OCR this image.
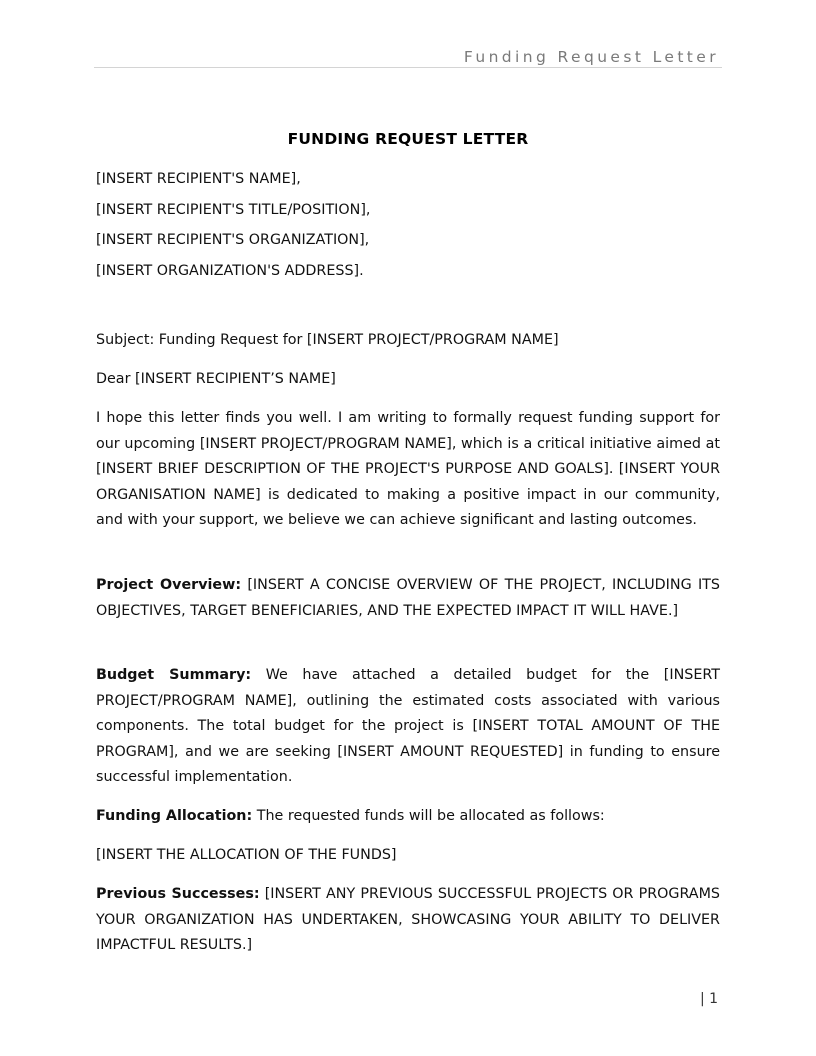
Funding Request Letter
FUNDING REQUEST LETTER

[INSERT RECIPIENT'S NAME],

[INSERT RECIPIENT'S TITLE/POSITION],

[INSERT RECIPIENT'S ORGANIZATION],

[INSERT ORGANIZATION'S ADDRESS].

Subject: Funding Request for [INSERT PROJECT/PROGRAM NAME]

Dear [INSERT RECIPIENT’S NAME]

I hope this letter finds you well. I am writing to formally request funding support for our upcoming [INSERT PROJECT/PROGRAM NAME], which is a critical initiative aimed at [INSERT BRIEF DESCRIPTION OF THE PROJECT'S PURPOSE AND GOALS]. [INSERT YOUR ORGANISATION NAME] is dedicated to making a positive impact in our community, and with your support, we believe we can achieve significant and lasting outcomes.

Project Overview: [INSERT A CONCISE OVERVIEW OF THE PROJECT, INCLUDING ITS OBJECTIVES, TARGET BENEFICIARIES, AND THE EXPECTED IMPACT IT WILL HAVE.]

Budget Summary: We have attached a detailed budget for the [INSERT PROJECT/PROGRAM NAME], outlining the estimated costs associated with various components. The total budget for the project is [INSERT TOTAL AMOUNT OF THE PROGRAM], and we are seeking [INSERT AMOUNT REQUESTED] in funding to ensure successful implementation.

Funding Allocation: The requested funds will be allocated as follows:

[INSERT THE ALLOCATION OF THE FUNDS]

Previous Successes: [INSERT ANY PREVIOUS SUCCESSFUL PROJECTS OR PROGRAMS YOUR ORGANIZATION HAS UNDERTAKEN, SHOWCASING YOUR ABILITY TO DELIVER IMPACTFUL RESULTS.]

| 1
